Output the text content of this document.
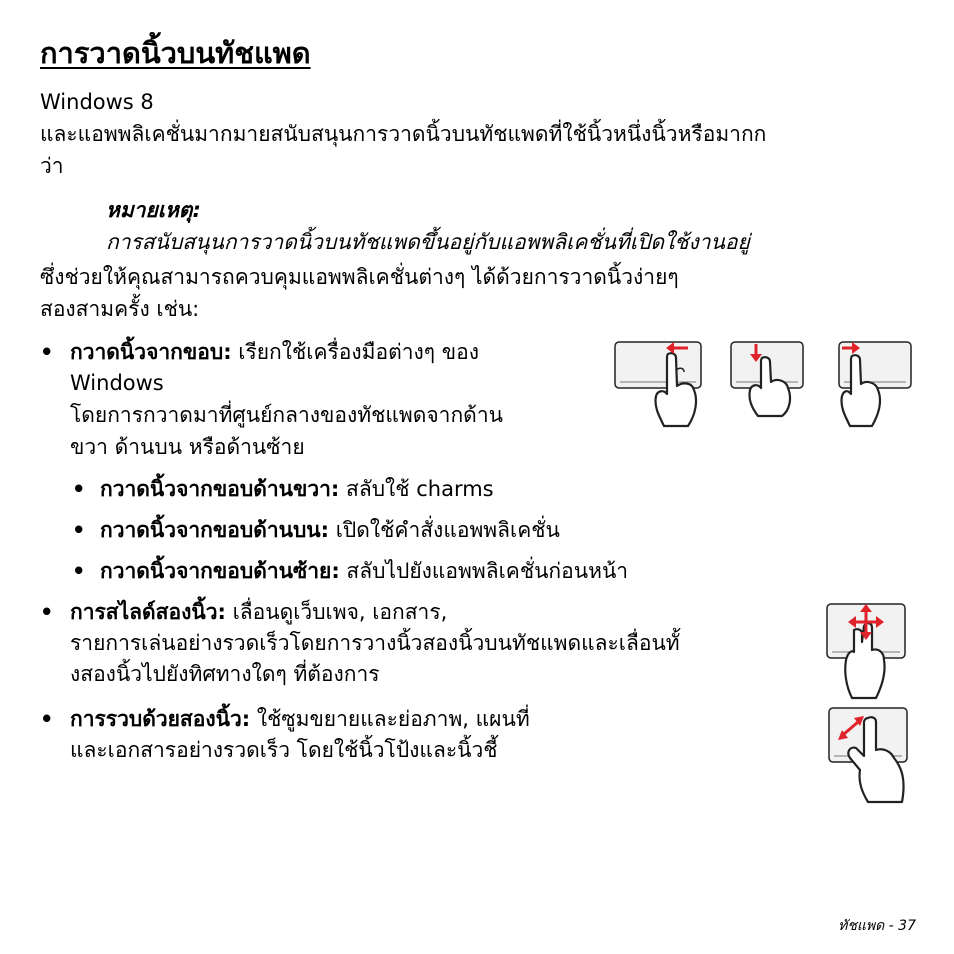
การวาดนิ้วบนทัชแพด
Windows 8
และแอพพลิเคชั่นมากมายสนับสนุนการวาดนิ้วบนทัชแพดที่ใช้นิ้วหนึ่งนิ้วหรือมากก
ว่า
หมายเหตุ:
การสนับสนุนการวาดนิ้วบนทัชแพดขึ้นอยู่กับแอพพลิเคชั่นที่เปิดใช้งานอยู่
ซึ่งช่วยให้คุณสามารถควบคุมแอพพลิเคชั่นต่างๆ ได้ด้วยการวาดนิ้วง่ายๆ
สองสามครั้ง เช่น:
• กวาดนิ้วจากขอบ: เรียกใช้เครื่องมือต่างๆ ของ
Windows
โดยการกวาดมาที่ศูนย์กลางของทัชแพดจากด้าน
ขวา ด้านบน หรือด้านซ้าย
• กวาดนิ้วจากขอบด้านขวา: สลับใช้ charms
• กวาดนิ้วจากขอบด้านบน: เปิดใช้คำสั่งแอพพลิเคชั่น
• กวาดนิ้วจากขอบด้านซ้าย: สลับไปยังแอพพลิเคชั่นก่อนหน้า
• การสไลด์สองนิ้ว: เลื่อนดูเว็บเพจ, เอกสาร,
รายการเล่นอย่างรวดเร็วโดยการวางนิ้วสองนิ้วบนทัชแพดและเลื่อนทั้
งสองนิ้วไปยังทิศทางใดๆ ที่ต้องการ
• การรวบด้วยสองนิ้ว: ใช้ซูมขยายและย่อภาพ, แผนที่
และเอกสารอย่างรวดเร็ว โดยใช้นิ้วโป้งและนิ้วชี้
ทัชแพด - 37
